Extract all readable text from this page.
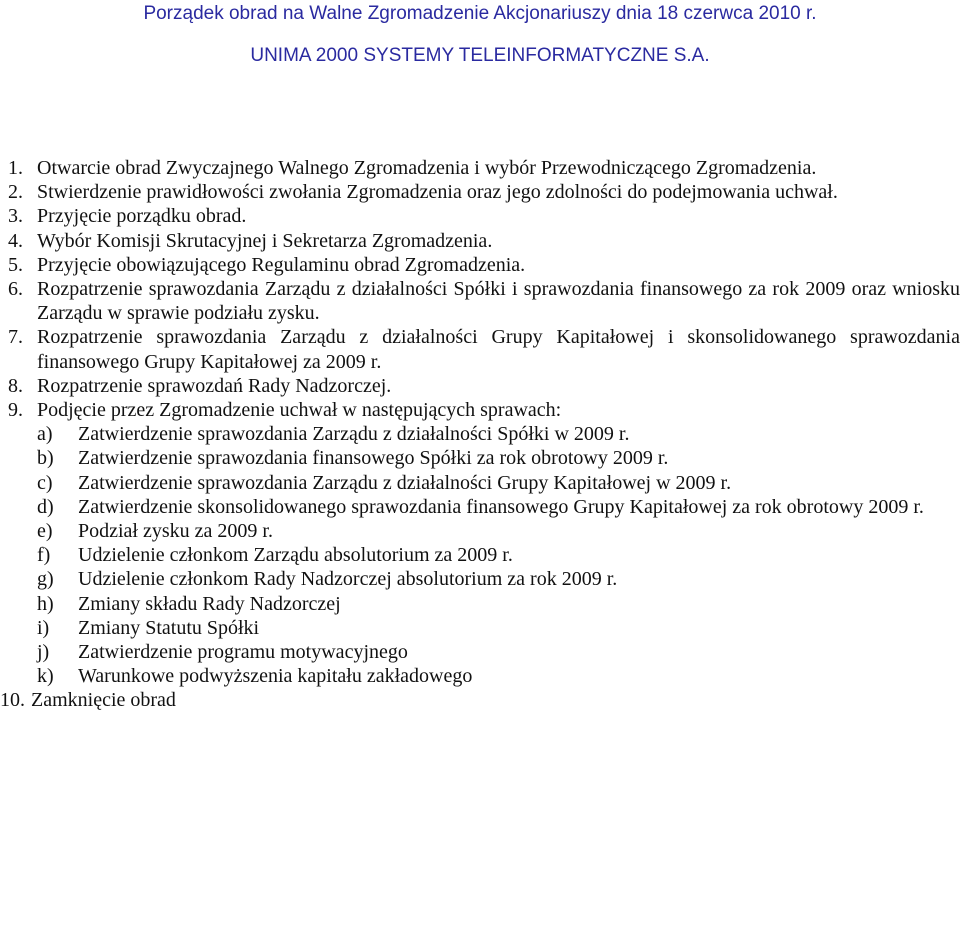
Porządek obrad na Walne Zgromadzenie Akcjonariuszy dnia 18 czerwca 2010 r.
UNIMA 2000 SYSTEMY TELEINFORMATYCZNE S.A.
1. Otwarcie obrad Zwyczajnego Walnego Zgromadzenia i wybór Przewodniczącego Zgromadzenia.
2. Stwierdzenie prawidłowości zwołania Zgromadzenia oraz jego zdolności do podejmowania uchwał.
3. Przyjęcie porządku obrad.
4. Wybór Komisji Skrutacyjnej i Sekretarza Zgromadzenia.
5. Przyjęcie obowiązującego Regulaminu obrad Zgromadzenia.
6. Rozpatrzenie sprawozdania Zarządu z działalności Spółki i sprawozdania finansowego za rok 2009 oraz wniosku Zarządu w sprawie podziału zysku.
7. Rozpatrzenie sprawozdania Zarządu z działalności Grupy Kapitałowej i skonsolidowanego sprawozdania finansowego Grupy Kapitałowej za 2009 r.
8. Rozpatrzenie sprawozdań Rady Nadzorczej.
9. Podjęcie przez Zgromadzenie uchwał w następujących sprawach:
a)	Zatwierdzenie sprawozdania Zarządu z działalności Spółki w 2009 r.
b)	Zatwierdzenie sprawozdania finansowego Spółki za rok obrotowy 2009 r.
c)	Zatwierdzenie sprawozdania Zarządu z działalności Grupy Kapitałowej w 2009 r.
d)	Zatwierdzenie skonsolidowanego sprawozdania finansowego Grupy Kapitałowej za rok obrotowy 2009 r.
e)	Podział zysku za 2009 r.
f)	Udzielenie członkom Zarządu absolutorium za 2009 r.
g)	Udzielenie członkom Rady Nadzorczej absolutorium za rok 2009 r.
h)	Zmiany składu Rady Nadzorczej
i)	Zmiany Statutu Spółki
j)	Zatwierdzenie programu motywacyjnego
k)	Warunkowe podwyższenia kapitału zakładowego
10. Zamknięcie obrad
